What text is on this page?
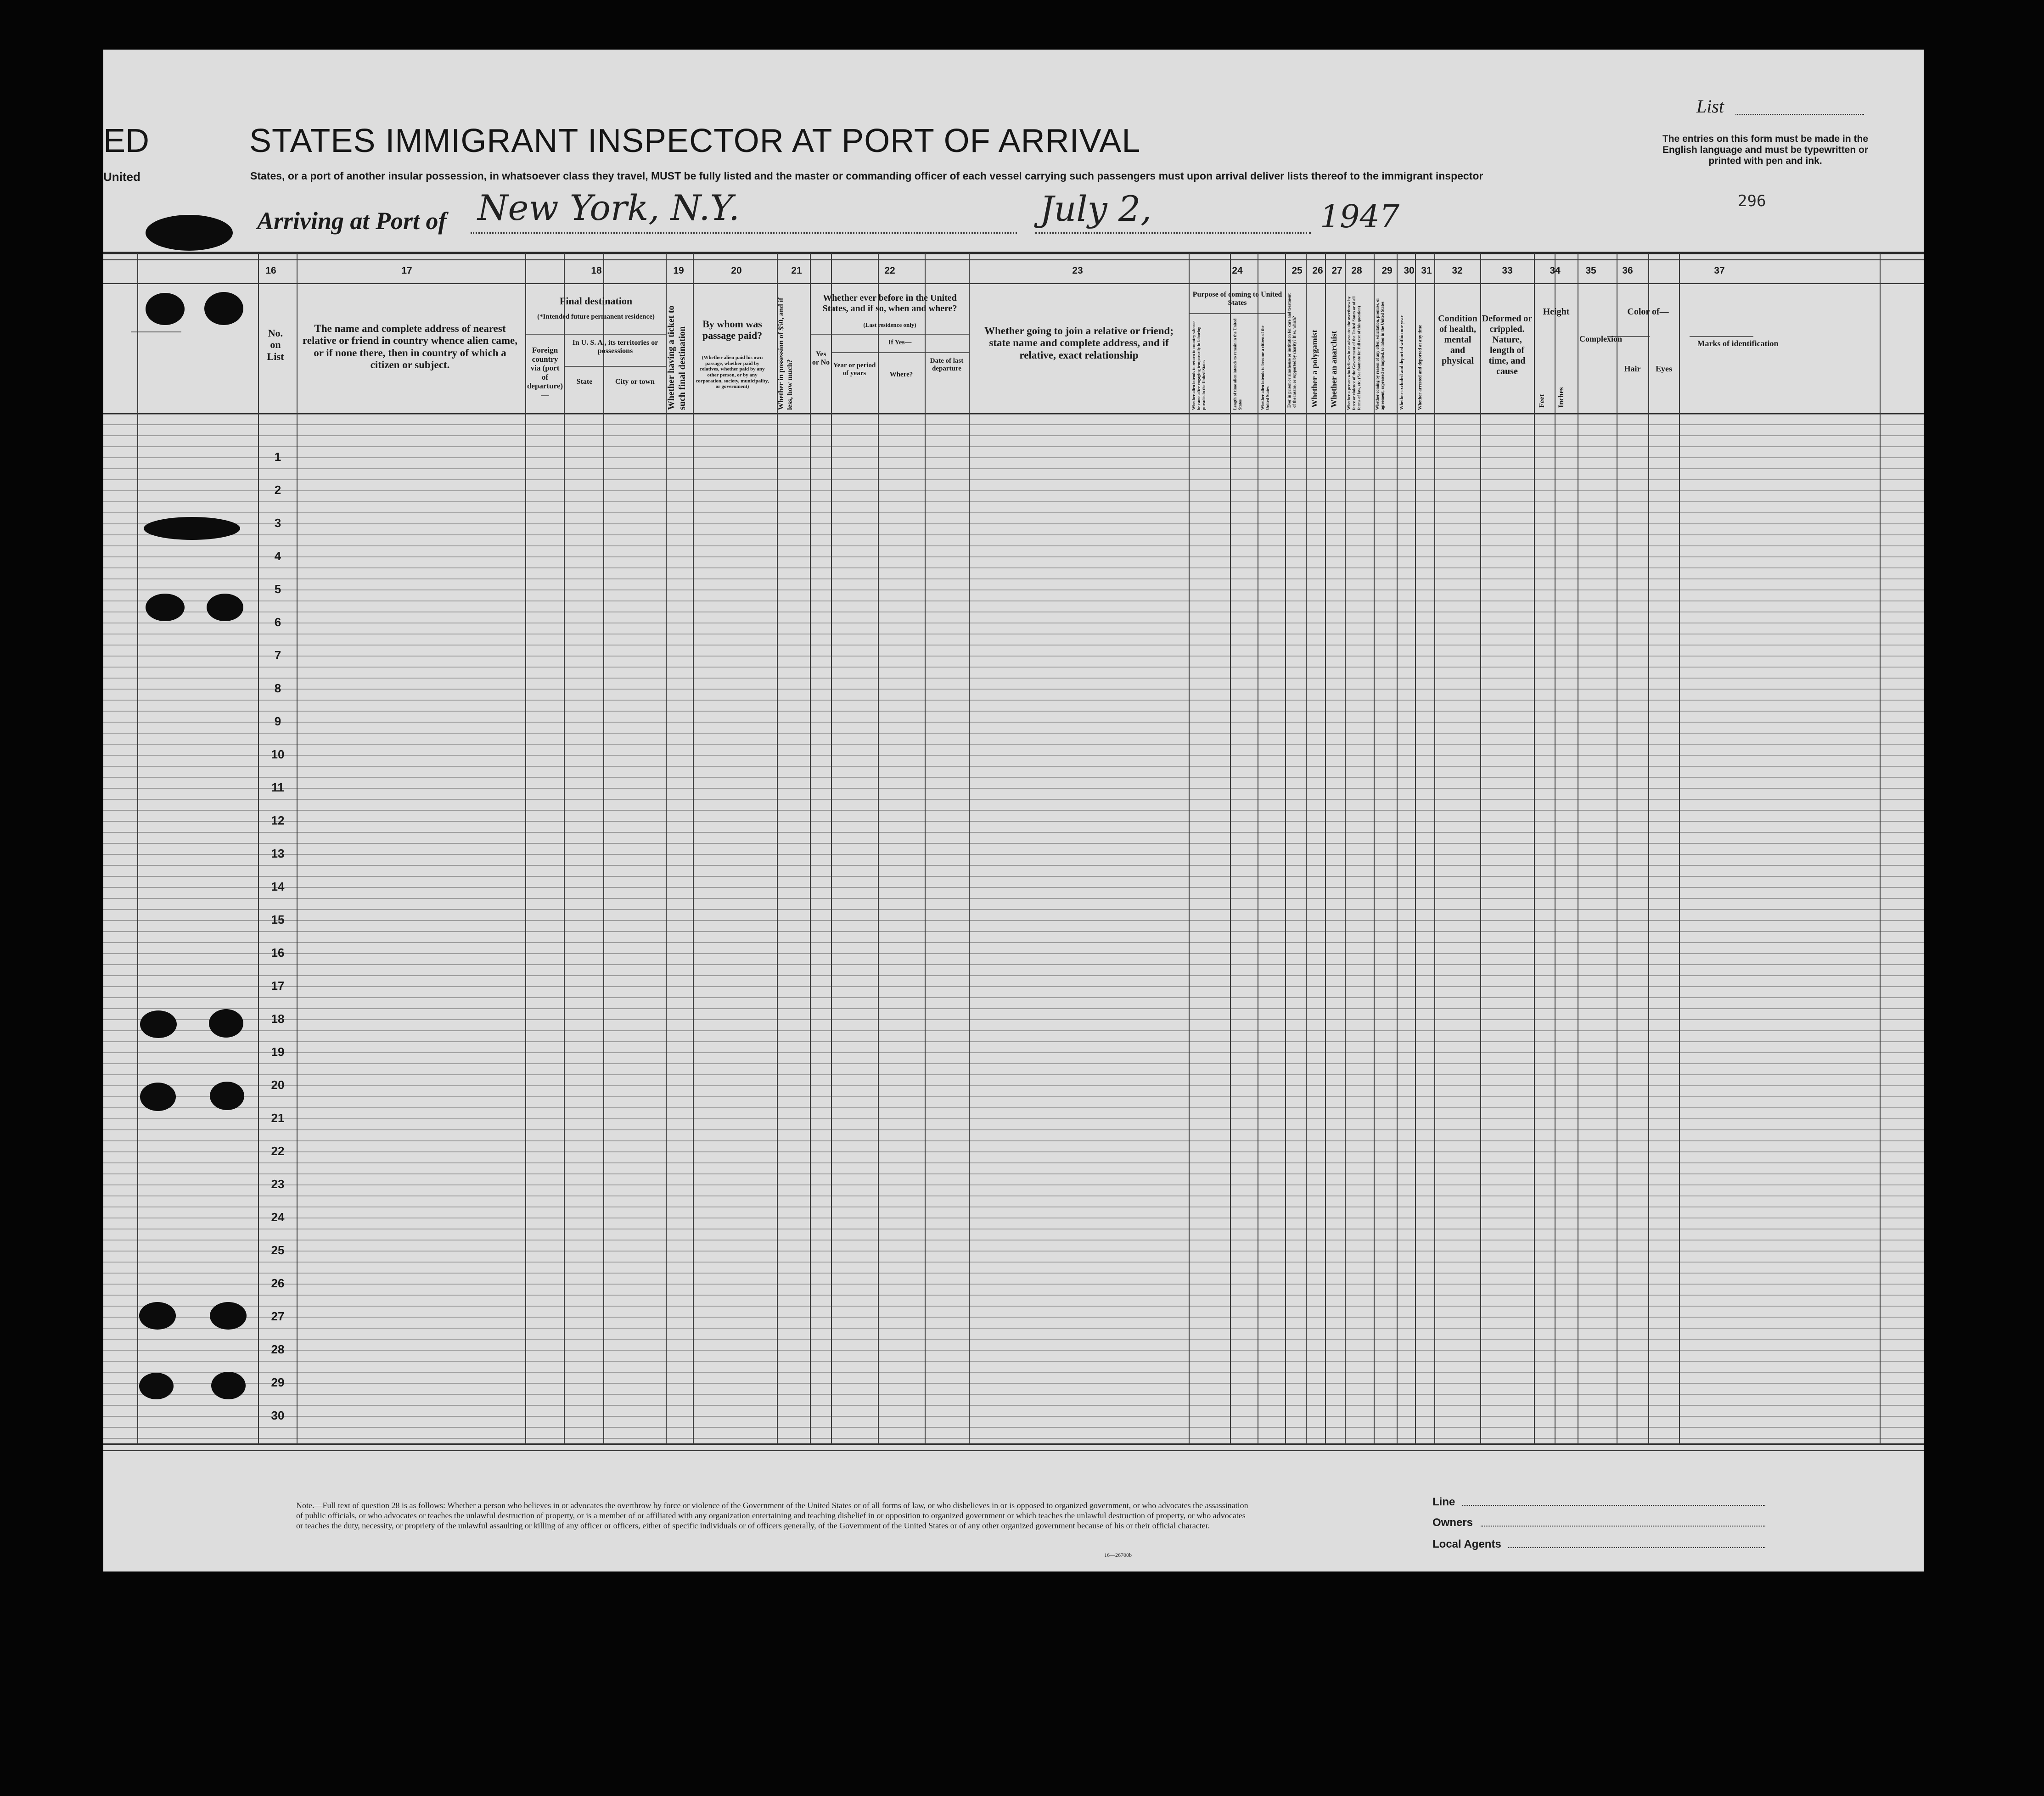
ED
United
STATES IMMIGRANT INSPECTOR AT PORT OF ARRIVAL
States, or a port of another insular possession, in whatsoever class they travel, MUST be fully listed and the master or commanding officer of each vessel carrying such passengers must upon arrival deliver lists thereof to the immigrant inspector
List
The entries on this form must be made in the English language and must be typewritten or printed with pen and ink.
296
Arriving at Port of New York, N.Y.	July 2,	1947
16	17	18	19	20	21	22	23	24	25	26 27 28	29	30 31	32	33	34	35	36	37
No. on List
The name and complete address of nearest relative or friend in country whence alien came, or if none there, then in country of which a citizen or subject.
Final destination
(*Intended future permanent residence)
Foreign country via (port of departure)—
In U. S. A., its territories or possessions
State	City or town	Whether having a ticket to such final destination
By whom was passage paid?
(Whether alien paid his own passage, whether paid by relatives, whether paid by any other person, or by any corporation, society, municipality, or government)	Whether in possession of $50, and if less, how much?
Whether ever before in the United States, and if so, when and where?
(Last residence only)
Yes or No
If Yes—
Year or period of years	Where?
Date of last departure
Whether going to join a relative or friend; state name and complete address, and if relative, exact relationship
Purpose of coming to United States
Whether alien intends to return to country whence he came after engaging temporarily in laboring pursuits in the United States	Length of time alien intends to remain in the United States	Whether alien intends to become a citizen of the United States	Ever in prison or almshouse or institution for care and treatment of the insane, or supported by charity? If so, which?	Whether a polygamist	Whether an anarchist	Whether a person who believes in or advocates the overthrow by force or violence of the Government of the United States or of all forms of law, etc. (See footnote for full text of this question)	Whether coming by reason of any offer, solicitation, promise, or agreement, expressed or implied, to labor in the United States	Whether excluded and deported within one year	Whether arrested and deported at any time
Condition of health, mental and physical
Deformed or crippled. Nature, length of time, and cause
Height
Feet	Inches
Complexion
Color of—
Hair	Eyes
Marks of identification
1
2
3
4
5
6
7
8
9
10
11
12
13
14
15
16
17
18
19
20
21
22
23
24
25
26
27
28
29
30
Note.—Full text of question 28 is as follows: Whether a person who believes in or advocates the overthrow by force or violence of the Government of the United States or of all forms of law, or who disbelieves in or is opposed to organized government, or who advocates the assassination of public officials, or who advocates or teaches the unlawful destruction of property, or is a member of or affiliated with any organization entertaining and teaching disbelief in or opposition to organized government or which teaches the unlawful destruction of property, or who advocates or teaches the duty, necessity, or propriety of the unlawful assaulting or killing of any officer or officers, either of specific individuals or of officers generally, of the Government of the United States or of any other organized government because of his or their official character.
16—26700b
Line
Owners
Local Agents
